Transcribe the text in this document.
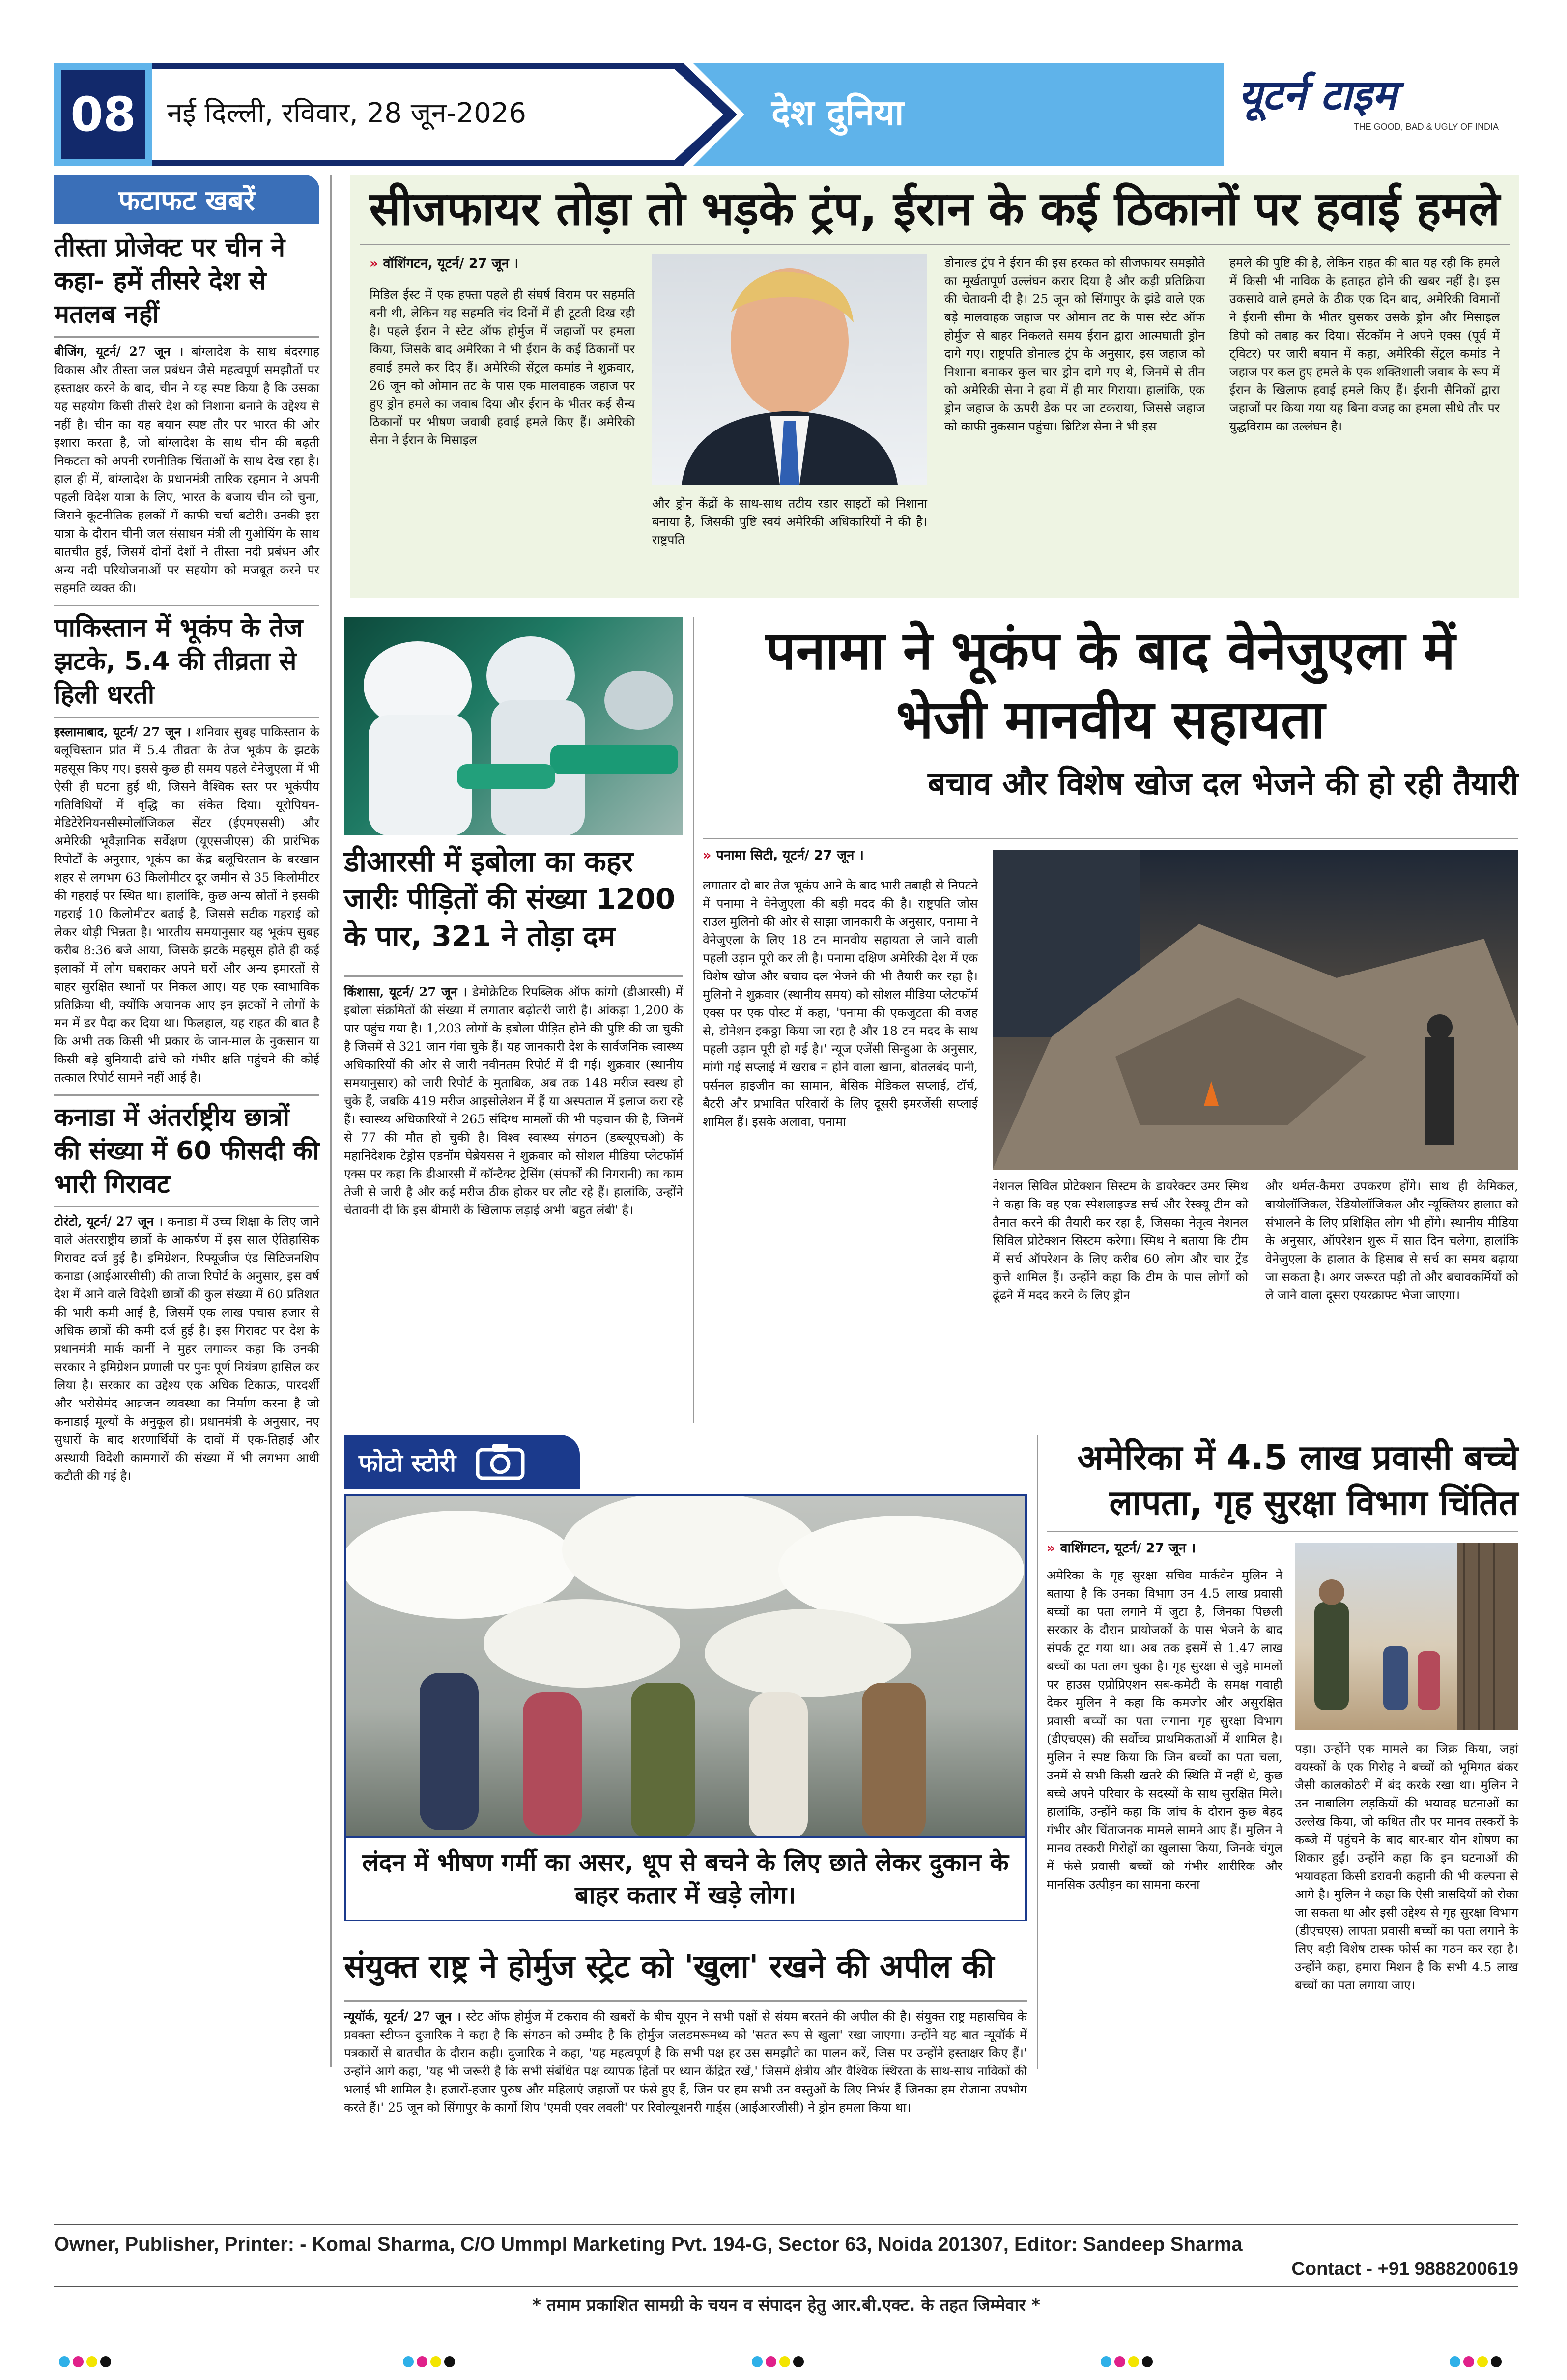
08 नई दिल्ली, रविवार, 28 जून-2026	देश दुनिया	यूटर्न टाइम
THE GOOD, BAD & UGLY OF INDIA
फटाफट खबरें
तीस्ता प्रोजेक्ट पर चीन ने कहा- हमें तीसरे देश से मतलब नहीं

बीजिंग, यूटर्न/ 27 जून । बांग्लादेश के साथ बंदरगाह विकास और तीस्ता जल प्रबंधन जैसे महत्वपूर्ण समझौतों पर हस्ताक्षर करने के बाद, चीन ने यह स्पष्ट किया है कि उसका यह सहयोग किसी तीसरे देश को निशाना बनाने के उद्देश्य से नहीं है। चीन का यह बयान स्पष्ट तौर पर भारत की ओर इशारा करता है, जो बांग्लादेश के साथ चीन की बढ़ती निकटता को अपनी रणनीतिक चिंताओं के साथ देख रहा है। हाल ही में, बांग्लादेश के प्रधानमंत्री तारिक रहमान ने अपनी पहली विदेश यात्रा के लिए, भारत के बजाय चीन को चुना, जिसने कूटनीतिक हलकों में काफी चर्चा बटोरी। उनकी इस यात्रा के दौरान चीनी जल संसाधन मंत्री ली गुओयिंग के साथ बातचीत हुई, जिसमें दोनों देशों ने तीस्ता नदी प्रबंधन और अन्य नदी परियोजनाओं पर सहयोग को मजबूत करने पर सहमति व्यक्त की।

पाकिस्तान में भूकंप के तेज झटके, 5.4 की तीव्रता से हिली धरती

इस्लामाबाद, यूटर्न/ 27 जून । शनिवार सुबह पाकिस्तान के बलूचिस्तान प्रांत में 5.4 तीव्रता के तेज भूकंप के झटके महसूस किए गए। इससे कुछ ही समय पहले वेनेजुएला में भी ऐसी ही घटना हुई थी, जिसने वैश्विक स्तर पर भूकंपीय गतिविधियों में वृद्धि का संकेत दिया। यूरोपियन-मेडिटेरेनियनसीस्मोलॉजिकल सेंटर (ईएमएससी) और अमेरिकी भूवैज्ञानिक सर्वेक्षण (यूएसजीएस) की प्रारंभिक रिपोर्टों के अनुसार, भूकंप का केंद्र बलूचिस्तान के बरखान शहर से लगभग 63 किलोमीटर दूर जमीन से 35 किलोमीटर की गहराई पर स्थित था। हालांकि, कुछ अन्य स्रोतों ने इसकी गहराई 10 किलोमीटर बताई है, जिससे सटीक गहराई को लेकर थोड़ी भिन्नता है। भारतीय समयानुसार यह भूकंप सुबह करीब 8:36 बजे आया, जिसके झटके महसूस होते ही कई इलाकों में लोग घबराकर अपने घरों और अन्य इमारतों से बाहर सुरक्षित स्थानों पर निकल आए। यह एक स्वाभाविक प्रतिक्रिया थी, क्योंकि अचानक आए इन झटकों ने लोगों के मन में डर पैदा कर दिया था। फिलहाल, यह राहत की बात है कि अभी तक किसी भी प्रकार के जान-माल के नुकसान या किसी बड़े बुनियादी ढांचे को गंभीर क्षति पहुंचने की कोई तत्काल रिपोर्ट सामने नहीं आई है।

कनाडा में अंतर्राष्ट्रीय छात्रों की संख्या में 60 फीसदी की भारी गिरावट

टोरंटो, यूटर्न/ 27 जून । कनाडा में उच्च शिक्षा के लिए जाने वाले अंतरराष्ट्रीय छात्रों के आकर्षण में इस साल ऐतिहासिक गिरावट दर्ज हुई है। इमिग्रेशन, रिफ्यूजीज एंड सिटिजनशिप कनाडा (आईआरसीसी) की ताजा रिपोर्ट के अनुसार, इस वर्ष देश में आने वाले विदेशी छात्रों की कुल संख्या में 60 प्रतिशत की भारी कमी आई है, जिसमें एक लाख पचास हजार से अधिक छात्रों की कमी दर्ज हुई है। इस गिरावट पर देश के प्रधानमंत्री मार्क कार्नी ने मुहर लगाकर कहा कि उनकी सरकार ने इमिग्रेशन प्रणाली पर पुनः पूर्ण नियंत्रण हासिल कर लिया है। सरकार का उद्देश्य एक अधिक टिकाऊ, पारदर्शी और भरोसेमंद आव्रजन व्यवस्था का निर्माण करना है जो कनाडाई मूल्यों के अनुकूल हो। प्रधानमंत्री के अनुसार, नए सुधारों के बाद शरणार्थियों के दावों में एक-तिहाई और अस्थायी विदेशी कामगारों की संख्या में भी लगभग आधी कटौती की गई है।

सीजफायर तोड़ा तो भड़के ट्रंप, ईरान के कई ठिकानों पर हवाई हमले

» वॉशिंगटन, यूटर्न/ 27 जून ।

मिडिल ईस्ट में एक हफ्ता पहले ही संघर्ष विराम पर सहमति बनी थी, लेकिन यह सहमति चंद दिनों में ही टूटती दिख रही है। पहले ईरान ने स्टेट ऑफ होर्मुज में जहाजों पर हमला किया, जिसके बाद अमेरिका ने भी ईरान के कई ठिकानों पर हवाई हमले कर दिए हैं। अमेरिकी सेंट्रल कमांड ने शुक्रवार, 26 जून को ओमान तट के पास एक मालवाहक जहाज पर हुए ड्रोन हमले का जवाब दिया और ईरान के भीतर कई सैन्य ठिकानों पर भीषण जवाबी हवाई हमले किए हैं। अमेरिकी सेना ने ईरान के मिसाइल

और ड्रोन केंद्रों के साथ-साथ तटीय रडार साइटों को निशाना बनाया है, जिसकी पुष्टि स्वयं अमेरिकी अधिकारियों ने की है। राष्ट्रपति

डोनाल्ड ट्रंप ने ईरान की इस हरकत को सीजफायर समझौते का मूर्खतापूर्ण उल्लंघन करार दिया है और कड़ी प्रतिक्रिया की चेतावनी दी है। 25 जून को सिंगापुर के झंडे वाले एक बड़े मालवाहक जहाज पर ओमान तट के पास स्टेट ऑफ होर्मुज से बाहर निकलते समय ईरान द्वारा आत्मघाती ड्रोन दागे गए। राष्ट्रपति डोनाल्ड ट्रंप के अनुसार, इस जहाज को निशाना बनाकर कुल चार ड्रोन दागे गए थे, जिनमें से तीन को अमेरिकी सेना ने हवा में ही मार गिराया। हालांकि, एक ड्रोन जहाज के ऊपरी डेक पर जा टकराया, जिससे जहाज को काफी नुकसान पहुंचा। ब्रिटिश सेना ने भी इस

हमले की पुष्टि की है, लेकिन राहत की बात यह रही कि हमले में किसी भी नाविक के हताहत होने की खबर नहीं है। इस उकसावे वाले हमले के ठीक एक दिन बाद, अमेरिकी विमानों ने ईरानी सीमा के भीतर घुसकर उसके ड्रोन और मिसाइल डिपो को तबाह कर दिया। सेंटकॉम ने अपने एक्स (पूर्व में ट्विटर) पर जारी बयान में कहा, अमेरिकी सेंट्रल कमांड ने जहाज पर कल हुए हमले के एक शक्तिशाली जवाब के रूप में ईरान के खिलाफ हवाई हमले किए हैं। ईरानी सैनिकों द्वारा जहाजों पर किया गया यह बिना वजह का हमला सीधे तौर पर युद्धविराम का उल्लंघन है।

डीआरसी में इबोला का कहर जारीः पीड़ितों की संख्या 1200 के पार, 321 ने तोड़ा दम

किंशासा, यूटर्न/ 27 जून । डेमोक्रेटिक रिपब्लिक ऑफ कांगो (डीआरसी) में इबोला संक्रमितों की संख्या में लगातार बढ़ोतरी जारी है। आंकड़ा 1,200 के पार पहुंच गया है। 1,203 लोगों के इबोला पीड़ित होने की पुष्टि की जा चुकी है जिसमें से 321 जान गंवा चुके हैं। यह जानकारी देश के सार्वजनिक स्वास्थ्य अधिकारियों की ओर से जारी नवीनतम रिपोर्ट में दी गई। शुक्रवार (स्थानीय समयानुसार) को जारी रिपोर्ट के मुताबिक, अब तक 148 मरीज स्वस्थ हो चुके हैं, जबकि 419 मरीज आइसोलेशन में हैं या अस्पताल में इलाज करा रहे हैं। स्वास्थ्य अधिकारियों ने 265 संदिग्ध मामलों की भी पहचान की है, जिनमें से 77 की मौत हो चुकी है। विश्व स्वास्थ्य संगठन (डब्ल्यूएचओ) के महानिदेशक टेड्रोस एडनॉम घेब्रेयसस ने शुक्रवार को सोशल मीडिया प्लेटफॉर्म एक्स पर कहा कि डीआरसी में कॉन्टैक्ट ट्रेसिंग (संपर्कों की निगरानी) का काम तेजी से जारी है और कई मरीज ठीक होकर घर लौट रहे हैं। हालांकि, उन्होंने चेतावनी दी कि इस बीमारी के खिलाफ लड़ाई अभी 'बहुत लंबी' है।

पनामा ने भूकंप के बाद वेनेजुएला में भेजी मानवीय सहायता
बचाव और विशेष खोज दल भेजने की हो रही तैयारी

» पनामा सिटी, यूटर्न/ 27 जून ।

लगातार दो बार तेज भूकंप आने के बाद भारी तबाही से निपटने में पनामा ने वेनेजुएला की बड़ी मदद की है। राष्ट्रपति जोस राउल मुलिनो की ओर से साझा जानकारी के अनुसार, पनामा ने वेनेजुएला के लिए 18 टन मानवीय सहायता ले जाने वाली पहली उड़ान पूरी कर ली है। पनामा दक्षिण अमेरिकी देश में एक विशेष खोज और बचाव दल भेजने की भी तैयारी कर रहा है। मुलिनो ने शुक्रवार (स्थानीय समय) को सोशल मीडिया प्लेटफॉर्म एक्स पर एक पोस्ट में कहा, 'पनामा की एकजुटता की वजह से, डोनेशन इकठ्ठा किया जा रहा है और 18 टन मदद के साथ पहली उड़ान पूरी हो गई है।' न्यूज एजेंसी सिन्हुआ के अनुसार, मांगी गई सप्लाई में खराब न होने वाला खाना, बोतलबंद पानी, पर्सनल हाइजीन का सामान, बेसिक मेडिकल सप्लाई, टॉर्च, बैटरी और प्रभावित परिवारों के लिए दूसरी इमरजेंसी सप्लाई शामिल हैं। इसके अलावा, पनामा

नेशनल सिविल प्रोटेक्शन सिस्टम के डायरेक्टर उमर स्मिथ ने कहा कि वह एक स्पेशलाइज्ड सर्च और रेस्क्यू टीम को तैनात करने की तैयारी कर रहा है, जिसका नेतृत्व नेशनल सिविल प्रोटेक्शन सिस्टम करेगा। स्मिथ ने बताया कि टीम में सर्च ऑपरेशन के लिए करीब 60 लोग और चार ट्रेंड कुत्ते शामिल हैं। उन्होंने कहा कि टीम के पास लोगों को ढूंढने में मदद करने के लिए ड्रोन

और थर्मल-कैमरा उपकरण होंगे। साथ ही केमिकल, बायोलॉजिकल, रेडियोलॉजिकल और न्यूक्लियर हालात को संभालने के लिए प्रशिक्षित लोग भी होंगे। स्थानीय मीडिया के अनुसार, ऑपरेशन शुरू में सात दिन चलेगा, हालांकि वेनेजुएला के हालात के हिसाब से सर्च का समय बढ़ाया जा सकता है। अगर जरूरत पड़ी तो और बचावकर्मियों को ले जाने वाला दूसरा एयरक्राफ्ट भेजा जाएगा।

फोटो स्टोरी

लंदन में भीषण गर्मी का असर, धूप से बचने के लिए छाते लेकर दुकान के बाहर कतार में खड़े लोग।

संयुक्त राष्ट्र ने होर्मुज स्ट्रेट को 'खुला' रखने की अपील की

न्यूयॉर्क, यूटर्न/ 27 जून । स्टेट ऑफ होर्मुज में टकराव की खबरों के बीच यूएन ने सभी पक्षों से संयम बरतने की अपील की है। संयुक्त राष्ट्र महासचिव के प्रवक्ता स्टीफन दुजारिक ने कहा है कि संगठन को उम्मीद है कि होर्मुज जलडमरूमध्य को 'सतत रूप से खुला' रखा जाएगा। उन्होंने यह बात न्यूयॉर्क में पत्रकारों से बातचीत के दौरान कही। दुजारिक ने कहा, 'यह महत्वपूर्ण है कि सभी पक्ष हर उस समझौते का पालन करें, जिस पर उन्होंने हस्ताक्षर किए हैं।' उन्होंने आगे कहा, 'यह भी जरूरी है कि सभी संबंधित पक्ष व्यापक हितों पर ध्यान केंद्रित रखें,' जिसमें क्षेत्रीय और वैश्विक स्थिरता के साथ-साथ नाविकों की भलाई भी शामिल है। हजारों-हजार पुरुष और महिलाएं जहाजों पर फंसे हुए हैं, जिन पर हम सभी उन वस्तुओं के लिए निर्भर हैं जिनका हम रोजाना उपभोग करते हैं।' 25 जून को सिंगापुर के कार्गो शिप 'एमवी एवर लवली' पर रिवोल्यूशनरी गार्ड्स (आईआरजीसी) ने ड्रोन हमला किया था।

अमेरिका में 4.5 लाख प्रवासी बच्चे लापता, गृह सुरक्षा विभाग चिंतित

» वाशिंगटन, यूटर्न/ 27 जून ।

अमेरिका के गृह सुरक्षा सचिव मार्कवेन मुलिन ने बताया है कि उनका विभाग उन 4.5 लाख प्रवासी बच्चों का पता लगाने में जुटा है, जिनका पिछली सरकार के दौरान प्रायोजकों के पास भेजने के बाद संपर्क टूट गया था। अब तक इसमें से 1.47 लाख बच्चों का पता लग चुका है। गृह सुरक्षा से जुड़े मामलों पर हाउस एप्रोप्रिएशन सब-कमेटी के समक्ष गवाही देकर मुलिन ने कहा कि कमजोर और असुरक्षित प्रवासी बच्चों का पता लगाना गृह सुरक्षा विभाग (डीएचएस) की सर्वोच्च प्राथमिकताओं में शामिल है। मुलिन ने स्पष्ट किया कि जिन बच्चों का पता चला, उनमें से सभी किसी खतरे की स्थिति में नहीं थे, कुछ बच्चे अपने परिवार के सदस्यों के साथ सुरक्षित मिले। हालांकि, उन्होंने कहा कि जांच के दौरान कुछ बेहद गंभीर और चिंताजनक मामले सामने आए हैं। मुलिन ने मानव तस्करी गिरोहों का खुलासा किया, जिनके चंगुल में फंसे प्रवासी बच्चों को गंभीर शारीरिक और मानसिक उत्पीड़न का सामना करना

पड़ा। उन्होंने एक मामले का जिक्र किया, जहां वयस्कों के एक गिरोह ने बच्चों को भूमिगत बंकर जैसी कालकोठरी में बंद करके रखा था। मुलिन ने उन नाबालिग लड़कियों की भयावह घटनाओं का उल्लेख किया, जो कथित तौर पर मानव तस्करों के कब्जे में पहुंचने के बाद बार-बार यौन शोषण का शिकार हुईं। उन्होंने कहा कि इन घटनाओं की भयावहता किसी डरावनी कहानी की भी कल्पना से आगे है। मुलिन ने कहा कि ऐसी त्रासदियों को रोका जा सकता था और इसी उद्देश्य से गृह सुरक्षा विभाग (डीएचएस) लापता प्रवासी बच्चों का पता लगाने के लिए बड़ी विशेष टास्क फोर्स का गठन कर रहा है। उन्होंने कहा, हमारा मिशन है कि सभी 4.5 लाख बच्चों का पता लगाया जाए।

Owner, Publisher, Printer: - Komal Sharma, C/O Ummpl Marketing Pvt. 194-G, Sector 63, Noida 201307, Editor: Sandeep Sharma

Contact - +91 9888200619

* तमाम प्रकाशित सामग्री के चयन व संपादन हेतु आर.बी.एक्ट. के तहत जिम्मेवार *
